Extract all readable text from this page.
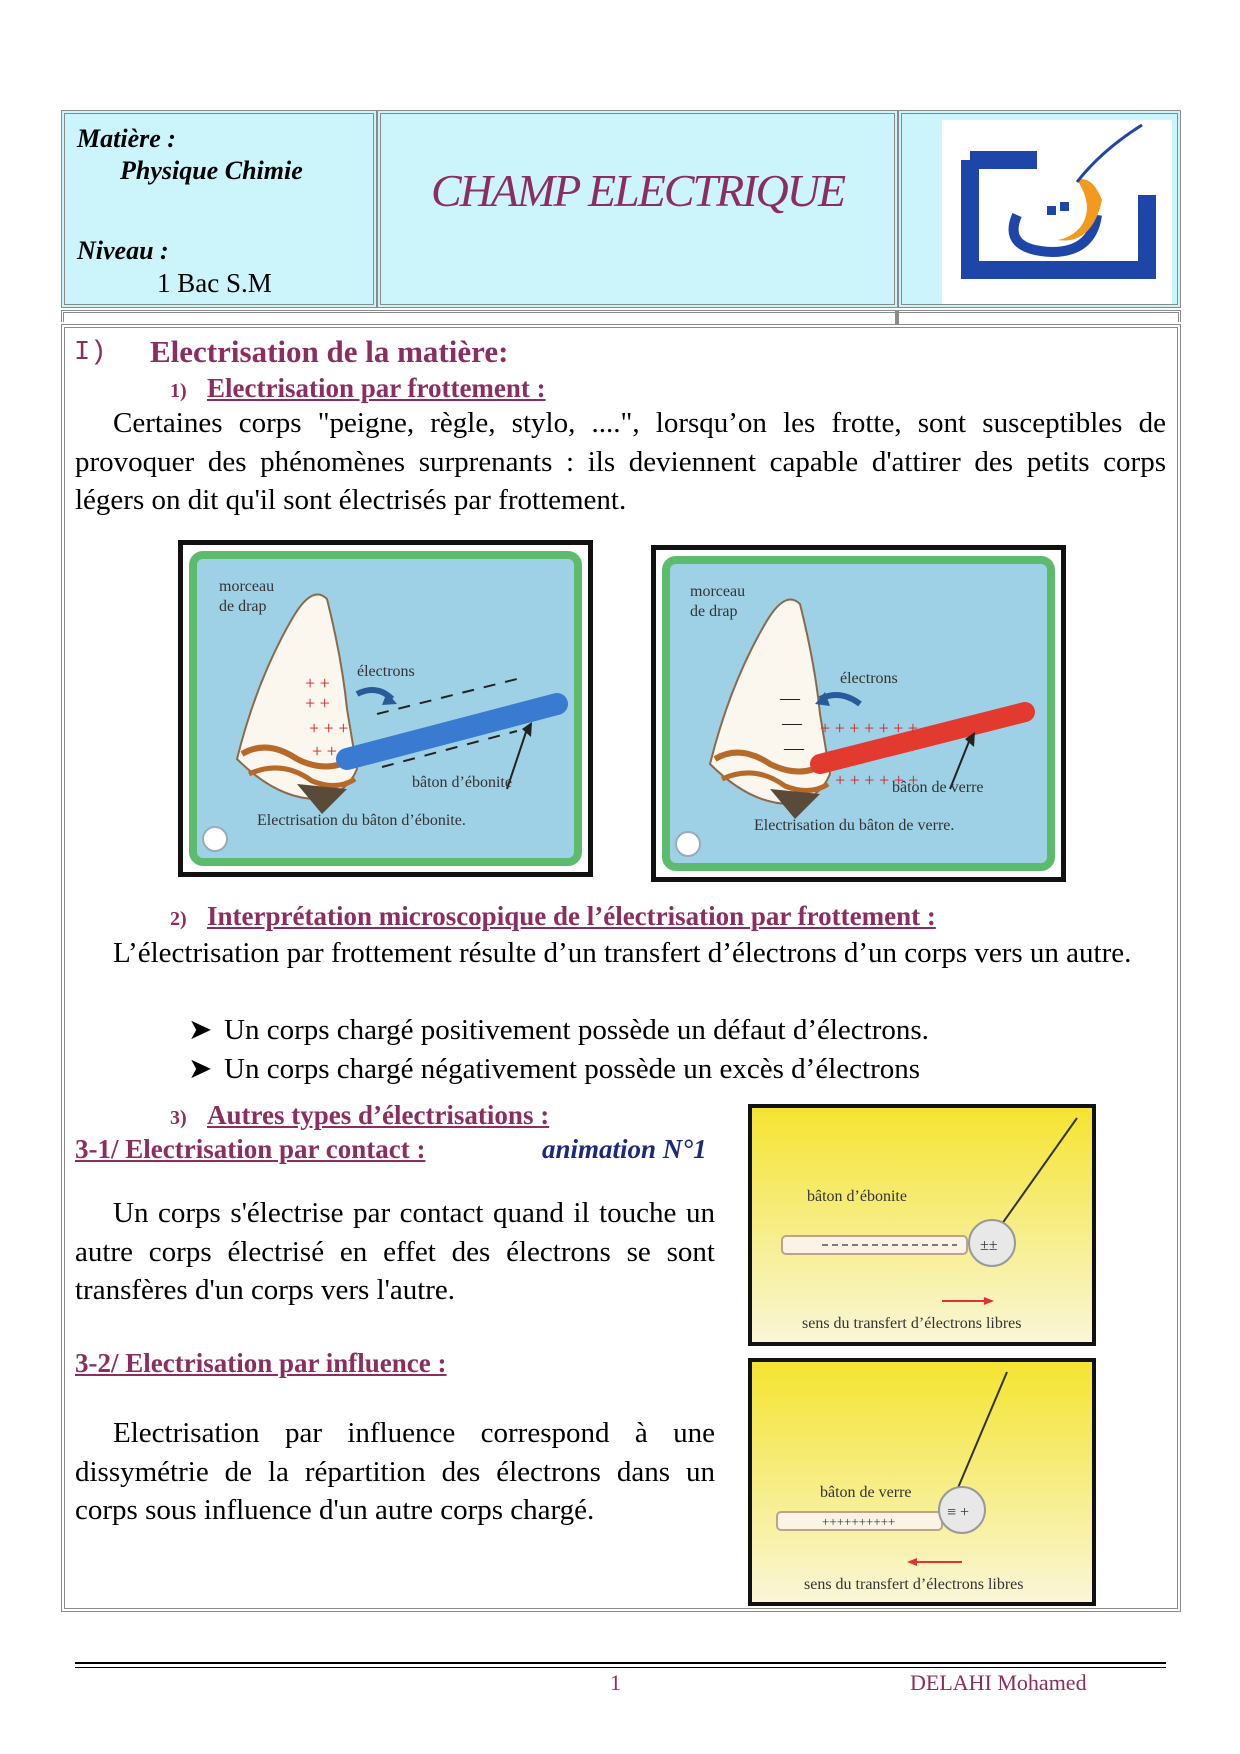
Matière :
Physique Chimie
Niveau :
1 Bac S.M
CHAMP ELECTRIQUE
I) Electrisation de la matière:
1) Electrisation par frottement :
Certaines corps "peigne, règle, stylo, ....", lorsqu’on les frotte, sont susceptibles de provoquer des phénomènes surprenants : ils deviennent capable d'attirer des petits corps légers on dit qu'il sont électrisés par frottement.
+ +
+ +
+ + +
+ +
morceau de drap
électrons
bâton d’ébonite
Electrisation du bâton d’ébonite.
+ + + + + + +
+ + + + + +
—
—
—
morceau de drap
électrons
bâton de verre
Electrisation du bâton de verre.
2) Interprétation microscopique de l’électrisation par frottement :
L’électrisation par frottement résulte d’un transfert d’électrons d’un corps vers un autre.
➤ Un corps chargé positivement possède un défaut d’électrons.
➤ Un corps chargé négativement possède un excès d’électrons
3) Autres types d’électrisations :
3-1/ Electrisation par contact :	animation N°1
Un corps s'électrise par contact quand il touche un autre corps électrisé en effet des électrons se sont transfères d'un corps vers l'autre.
3-2/ Electrisation par influence :
Electrisation par influence correspond à une dissymétrie de la répartition des électrons dans un corps sous influence d'un autre corps chargé.
±±
bâton d’ébonite
sens du transfert d’électrons libres
++++++++++
≡ +
bâton de verre
sens du transfert d’électrons libres
1	DELAHI Mohamed
